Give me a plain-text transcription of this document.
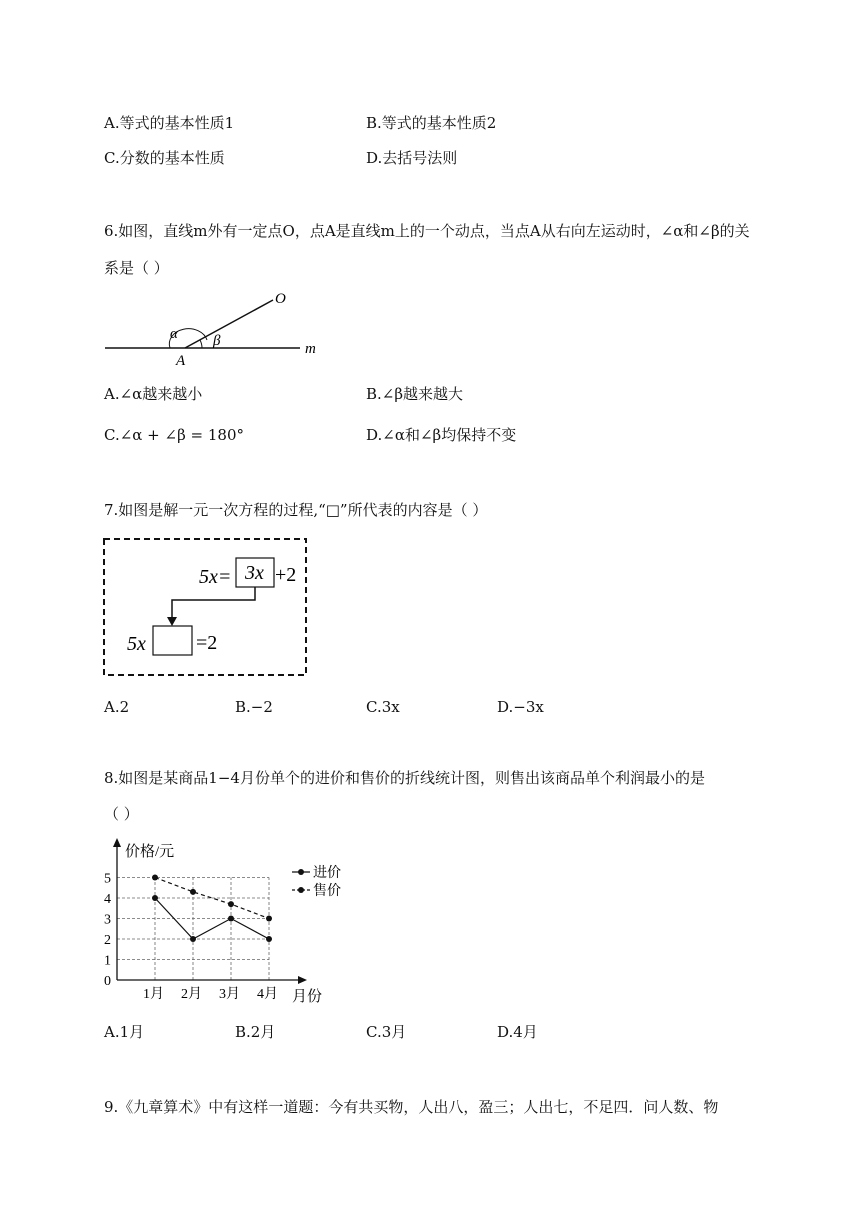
A.等式的基本性质1	B.等式的基本性质2
C.分数的基本性质	D.去括号法则
6.如图，直线m外有一定点O，点A是直线m上的一个动点，当点A从右向左运动时，∠α和∠β的关
系是（ ）
O
α β
A
m
A.∠α越来越小	B.∠β越来越大
C.∠α + ∠β = 180°	D.∠α和∠β均保持不变
7.如图是解一元一次方程的过程,“□”所代表的内容是（ ）
5x= 3x +2
5x	=2
A.2	B.−2	C.3x	D.−3x
8.如图是某商品1−4月份单个的进价和售价的折线统计图，则售出该商品单个利润最小的是
（ ）
价格/元
月份
0
1
2
3
4
5
1月 2月 3月 4月
进价
售价
A.1月	B.2月	C.3月	D.4月
9.《九章算术》中有这样一道题：今有共买物，人出八，盈三；人出七，不足四．问人数、物
